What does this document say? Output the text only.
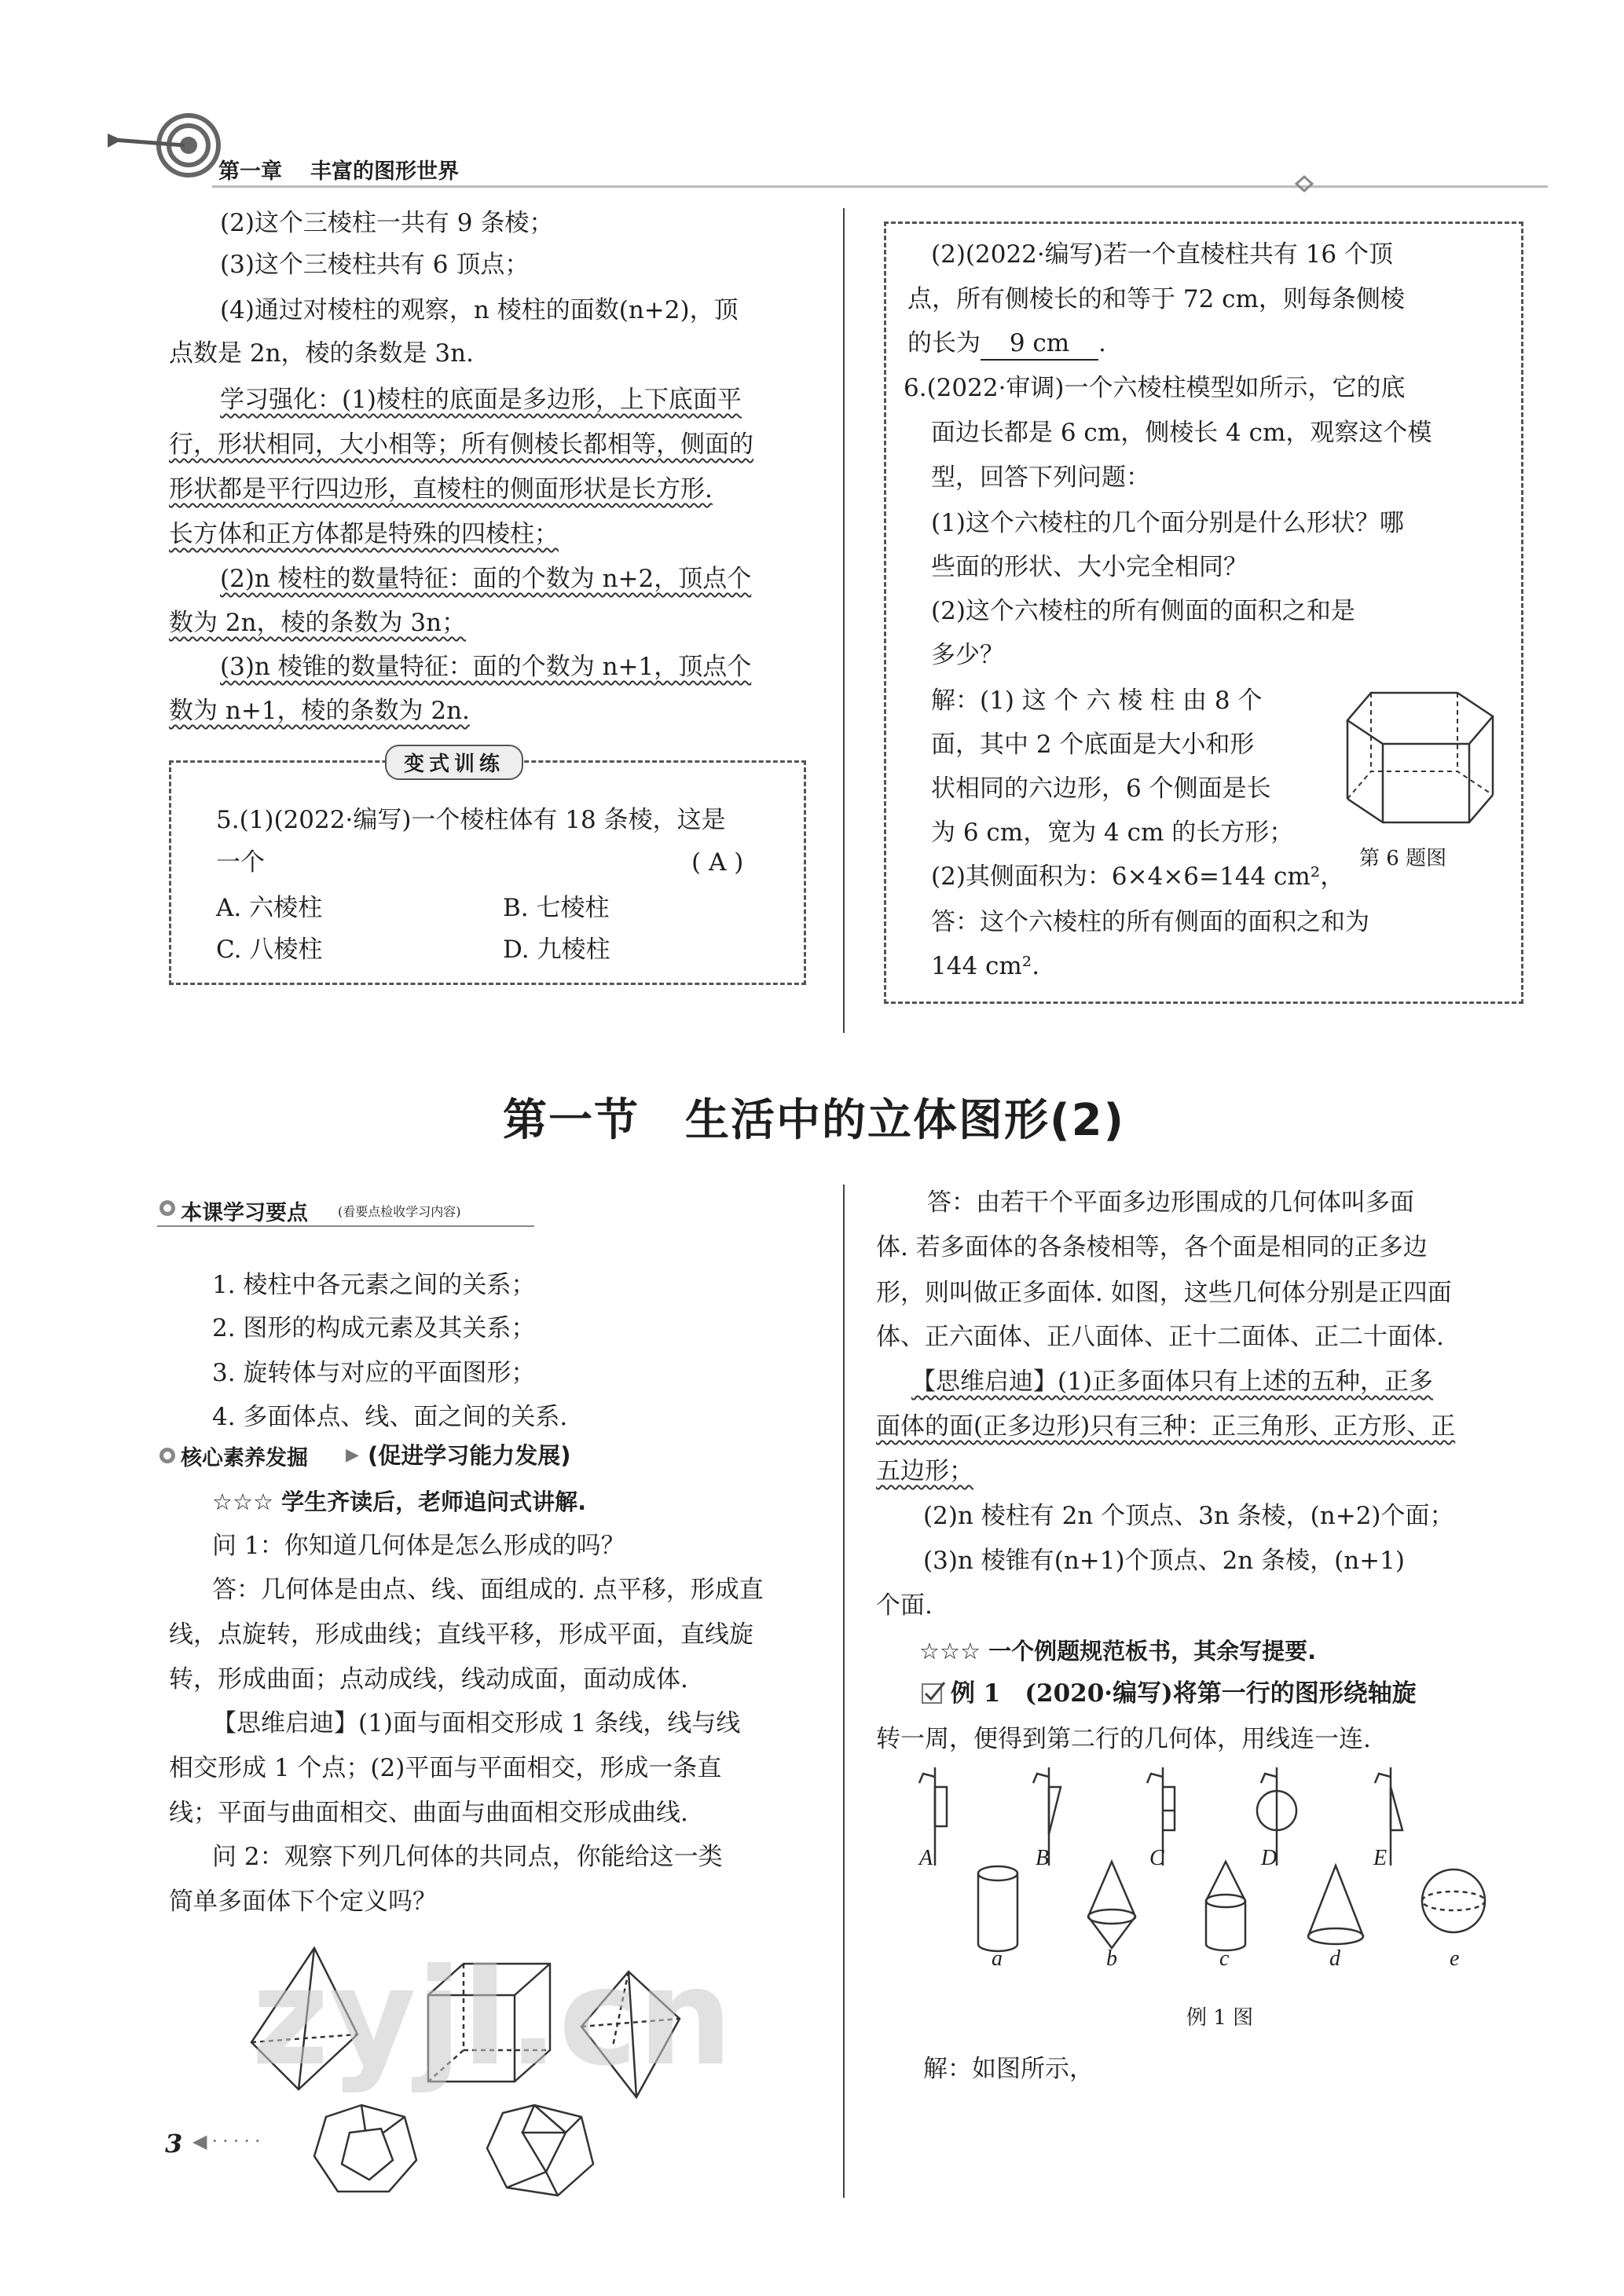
第一章 丰富的图形世界
(2)这个三棱柱一共有 9 条棱；
(3)这个三棱柱共有 6 顶点；
(4)通过对棱柱的观察，n 棱柱的面数(n+2)，顶
点数是 2n，棱的条数是 3n.
学习强化：(1)棱柱的底面是多边形，上下底面平
行，形状相同，大小相等；所有侧棱长都相等，侧面的
形状都是平行四边形，直棱柱的侧面形状是长方形.
长方体和正方体都是特殊的四棱柱；
(2)n 棱柱的数量特征：面的个数为 n+2，顶点个
数为 2n，棱的条数为 3n；
(3)n 棱锥的数量特征：面的个数为 n+1，顶点个
数为 n+1，棱的条数为 2n.
变式训练
5.(1)(2022·编写)一个棱柱体有 18 条棱，这是
一个	( A )
A. 六棱柱	B. 七棱柱
C. 八棱柱	D. 九棱柱
(2)(2022·编写)若一个直棱柱共有 16 个顶
点，所有侧棱长的和等于 72 cm，则每条侧棱
的长为 9 cm .
6.(2022·审调)一个六棱柱模型如所示，它的底
面边长都是 6 cm，侧棱长 4 cm，观察这个模
型，回答下列问题：
(1)这个六棱柱的几个面分别是什么形状？哪
些面的形状、大小完全相同？
(2)这个六棱柱的所有侧面的面积之和是
多少？
解：(1) 这 个 六 棱 柱 由 8 个
面，其中 2 个底面是大小和形
状相同的六边形，6 个侧面是长
为 6 cm，宽为 4 cm 的长方形；
(2)其侧面积为：6×4×6=144 cm²，
答：这个六棱柱的所有侧面的面积之和为
144 cm².
第 6 题图
第一节　生活中的立体图形(2)
本课学习要点 (看要点检收学习内容)
1. 棱柱中各元素之间的关系；
2. 图形的构成元素及其关系；
3. 旋转体与对应的平面图形；
4. 多面体点、线、面之间的关系.
核心素养发掘 ▶ (促进学习能力发展)
☆☆☆ 学生齐读后，老师追问式讲解.
问 1：你知道几何体是怎么形成的吗？
答：几何体是由点、线、面组成的. 点平移，形成直
线，点旋转，形成曲线；直线平移，形成平面，直线旋
转，形成曲面；点动成线，线动成面，面动成体.
【思维启迪】(1)面与面相交形成 1 条线，线与线
相交形成 1 个点；(2)平面与平面相交，形成一条直
线；平面与曲面相交、曲面与曲面相交形成曲线.
问 2：观察下列几何体的共同点，你能给这一类
简单多面体下个定义吗？
答：由若干个平面多边形围成的几何体叫多面
体. 若多面体的各条棱相等，各个面是相同的正多边
形，则叫做正多面体. 如图，这些几何体分别是正四面
体、正六面体、正八面体、正十二面体、正二十面体.
【思维启迪】(1)正多面体只有上述的五种，正多
面体的面(正多边形)只有三种：正三角形、正方形、正
五边形；
(2)n 棱柱有 2n 个顶点、3n 条棱，(n+2)个面；
(3)n 棱锥有(n+1)个顶点、2n 条棱，(n+1)
个面.
☆☆☆ 一个例题规范板书，其余写提要.
例 1　(2020·编写)将第一行的图形绕轴旋
转一周，便得到第二行的几何体，用线连一连.
A	B	C	D	E
a	b	c	d	e
例 1 图
解：如图所示，
zyjl.cn
3 ◀·····
